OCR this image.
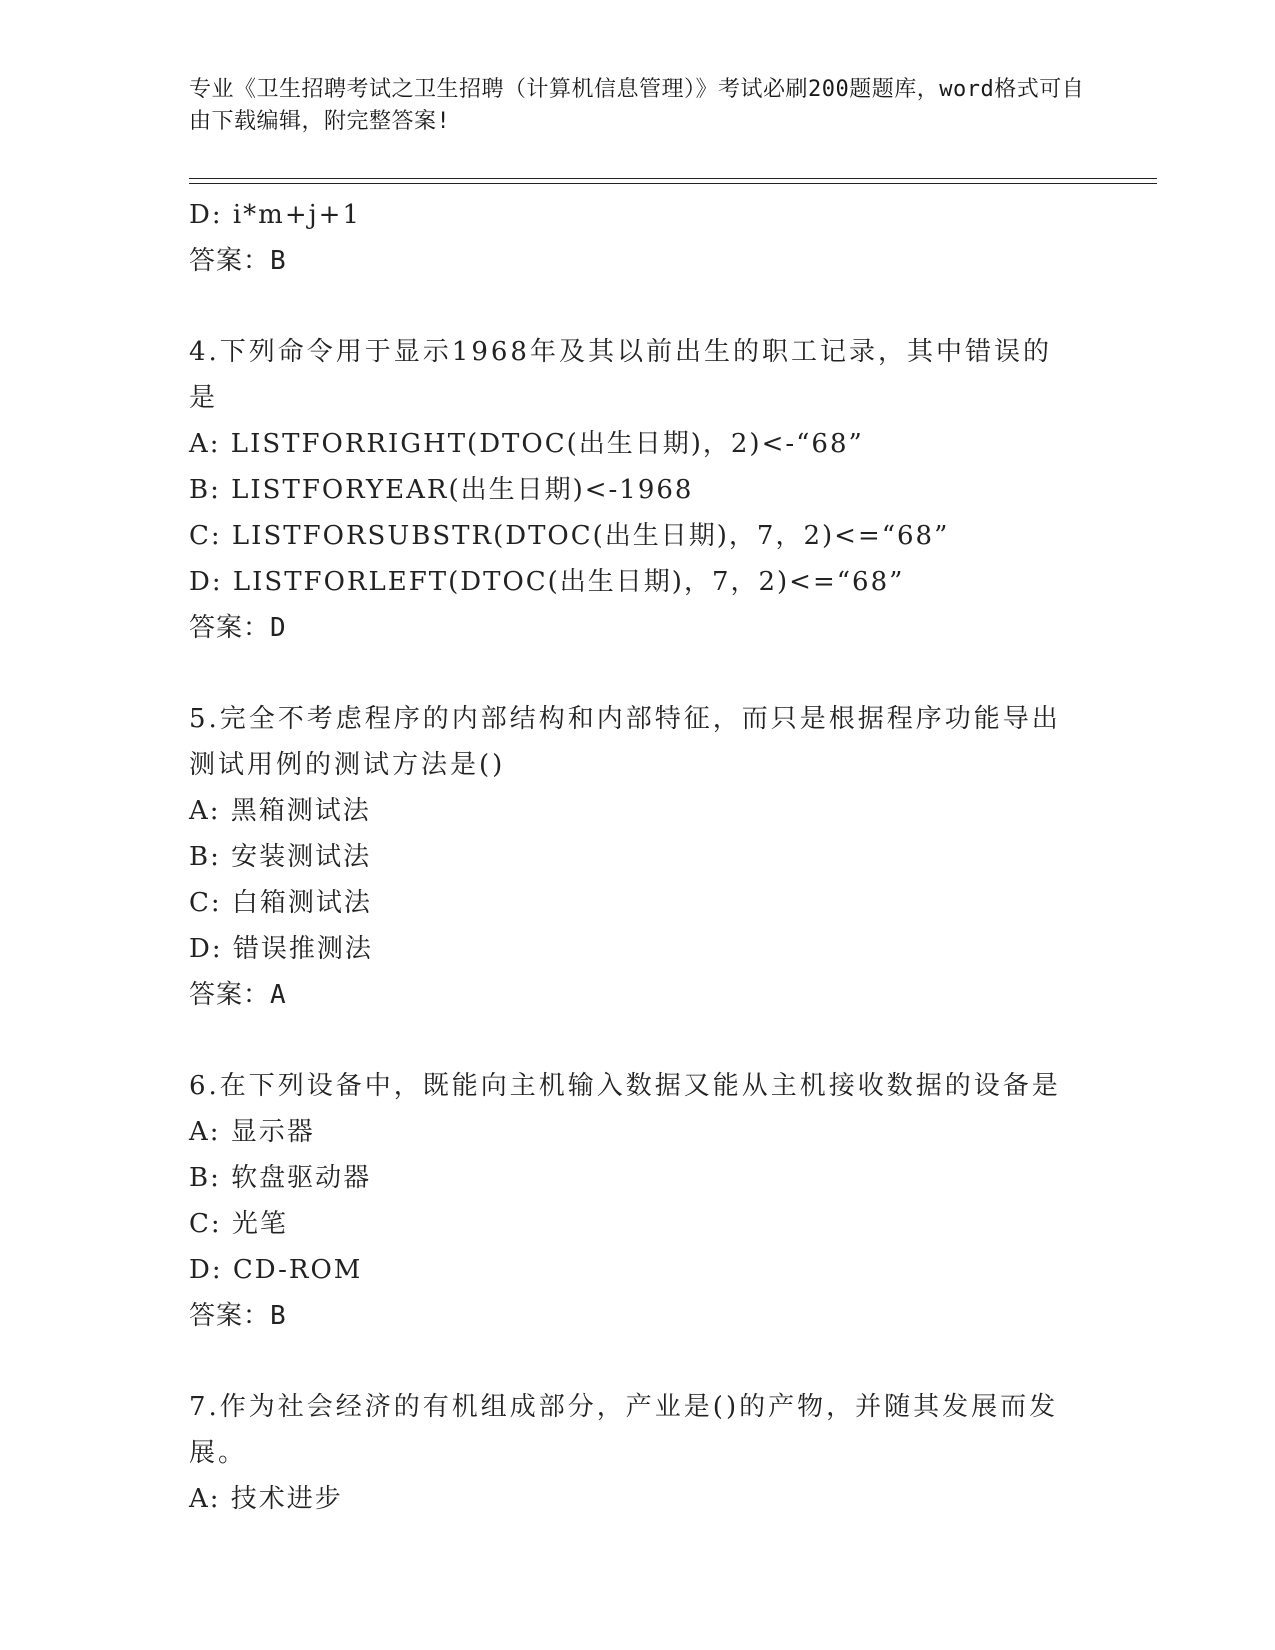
专业《卫生招聘考试之卫生招聘（计算机信息管理）》考试必刷200题题库，word格式可自由下载编辑，附完整答案!
D: i*m+j+1
答案：B
4.下列命令用于显示1968年及其以前出生的职工记录，其中错误的是
A: LISTFORRIGHT(DTOC(出生日期)，2)<-“68”
B: LISTFORYEAR(出生日期)<-1968
C: LISTFORSUBSTR(DTOC(出生日期)，7，2)<=“68”
D: LISTFORLEFT(DTOC(出生日期)，7，2)<=“68”
答案：D
5.完全不考虑程序的内部结构和内部特征，而只是根据程序功能导出测试用例的测试方法是()
A: 黑箱测试法
B: 安装测试法
C: 白箱测试法
D: 错误推测法
答案：A
6.在下列设备中，既能向主机输入数据又能从主机接收数据的设备是
A: 显示器
B: 软盘驱动器
C: 光笔
D: CD-ROM
答案：B
7.作为社会经济的有机组成部分，产业是()的产物，并随其发展而发展。
A: 技术进步
